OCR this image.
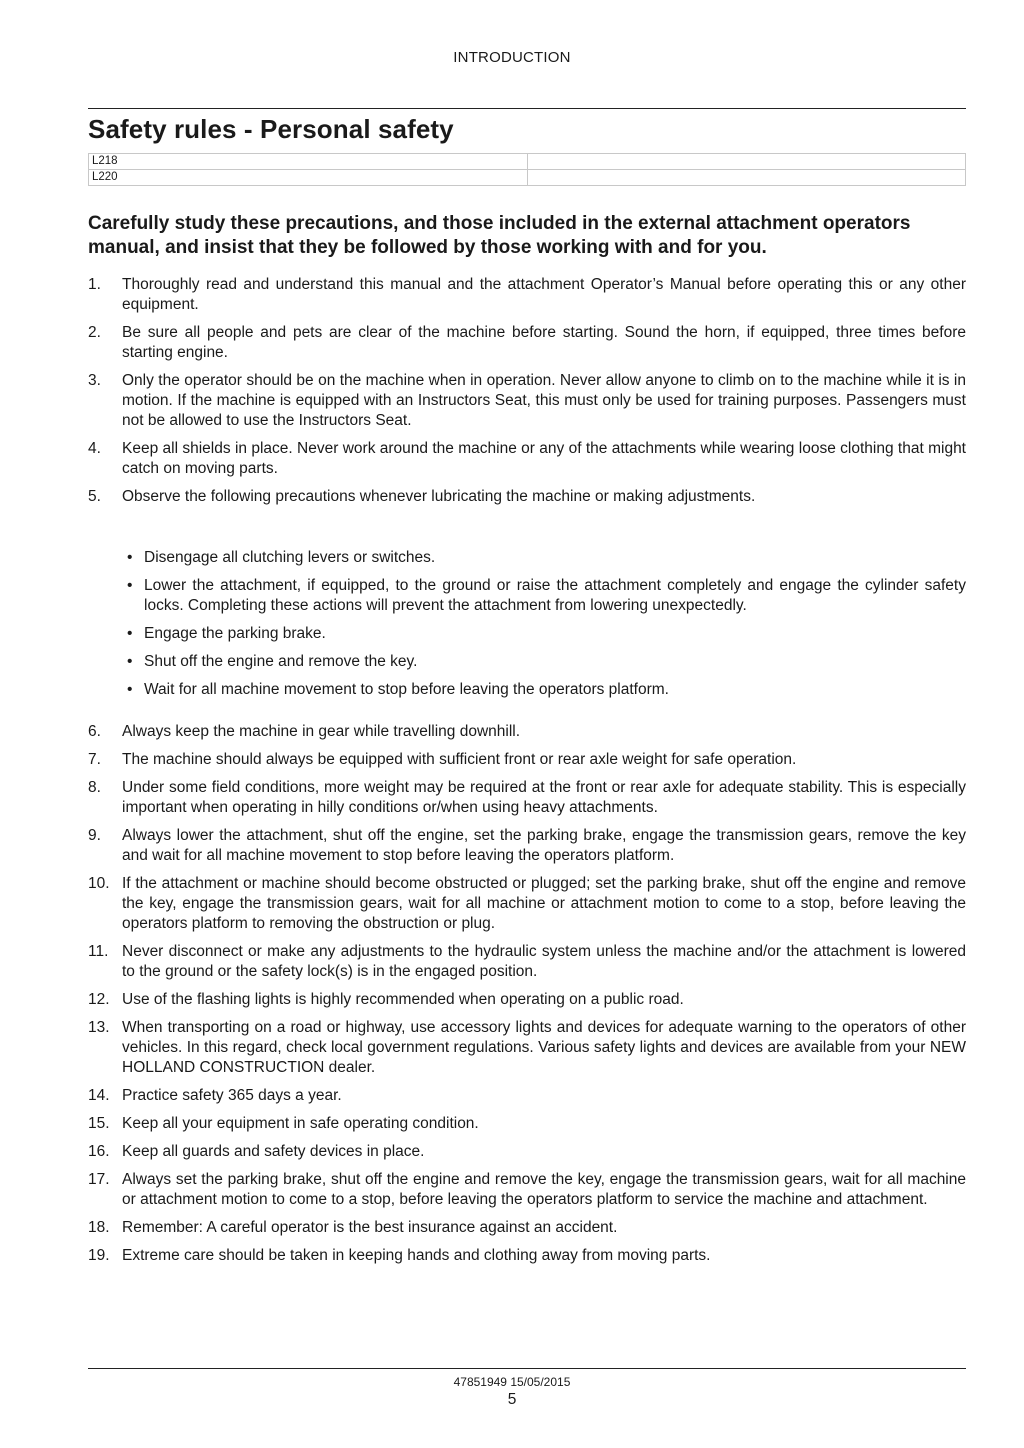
INTRODUCTION
Safety rules - Personal safety
L218	
L220	

Carefully study these precautions, and those included in the external attachment operators manual, and insist that they be followed by those working with and for you.

1. Thoroughly read and understand this manual and the attachment Operator’s Manual before operating this or any other equipment.
2. Be sure all people and pets are clear of the machine before starting. Sound the horn, if equipped, three times before starting engine.
3. Only the operator should be on the machine when in operation. Never allow anyone to climb on to the machine while it is in motion. If the machine is equipped with an Instructors Seat, this must only be used for training purposes. Passengers must not be allowed to use the Instructors Seat.
4. Keep all shields in place. Never work around the machine or any of the attachments while wearing loose clothing that might catch on moving parts.
5. Observe the following precautions whenever lubricating the machine or making adjustments.
• Disengage all clutching levers or switches.
• Lower the attachment, if equipped, to the ground or raise the attachment completely and engage the cylinder safety locks. Completing these actions will prevent the attachment from lowering unexpectedly.
• Engage the parking brake.
• Shut off the engine and remove the key.
• Wait for all machine movement to stop before leaving the operators platform.
6. Always keep the machine in gear while travelling downhill.
7. The machine should always be equipped with sufficient front or rear axle weight for safe operation.
8. Under some field conditions, more weight may be required at the front or rear axle for adequate stability. This is especially important when operating in hilly conditions or/when using heavy attachments.
9. Always lower the attachment, shut off the engine, set the parking brake, engage the transmission gears, remove the key and wait for all machine movement to stop before leaving the operators platform.
10. If the attachment or machine should become obstructed or plugged; set the parking brake, shut off the engine and remove the key, engage the transmission gears, wait for all machine or attachment motion to come to a stop, before leaving the operators platform to removing the obstruction or plug.
11. Never disconnect or make any adjustments to the hydraulic system unless the machine and/or the attachment is lowered to the ground or the safety lock(s) is in the engaged position.
12. Use of the flashing lights is highly recommended when operating on a public road.
13. When transporting on a road or highway, use accessory lights and devices for adequate warning to the operators of other vehicles. In this regard, check local government regulations. Various safety lights and devices are available from your NEW HOLLAND CONSTRUCTION dealer.
14. Practice safety 365 days a year.
15. Keep all your equipment in safe operating condition.
16. Keep all guards and safety devices in place.
17. Always set the parking brake, shut off the engine and remove the key, engage the transmission gears, wait for all machine or attachment motion to come to a stop, before leaving the operators platform to service the machine and attachment.
18. Remember: A careful operator is the best insurance against an accident.
19. Extreme care should be taken in keeping hands and clothing away from moving parts.
47851949 15/05/2015
5
